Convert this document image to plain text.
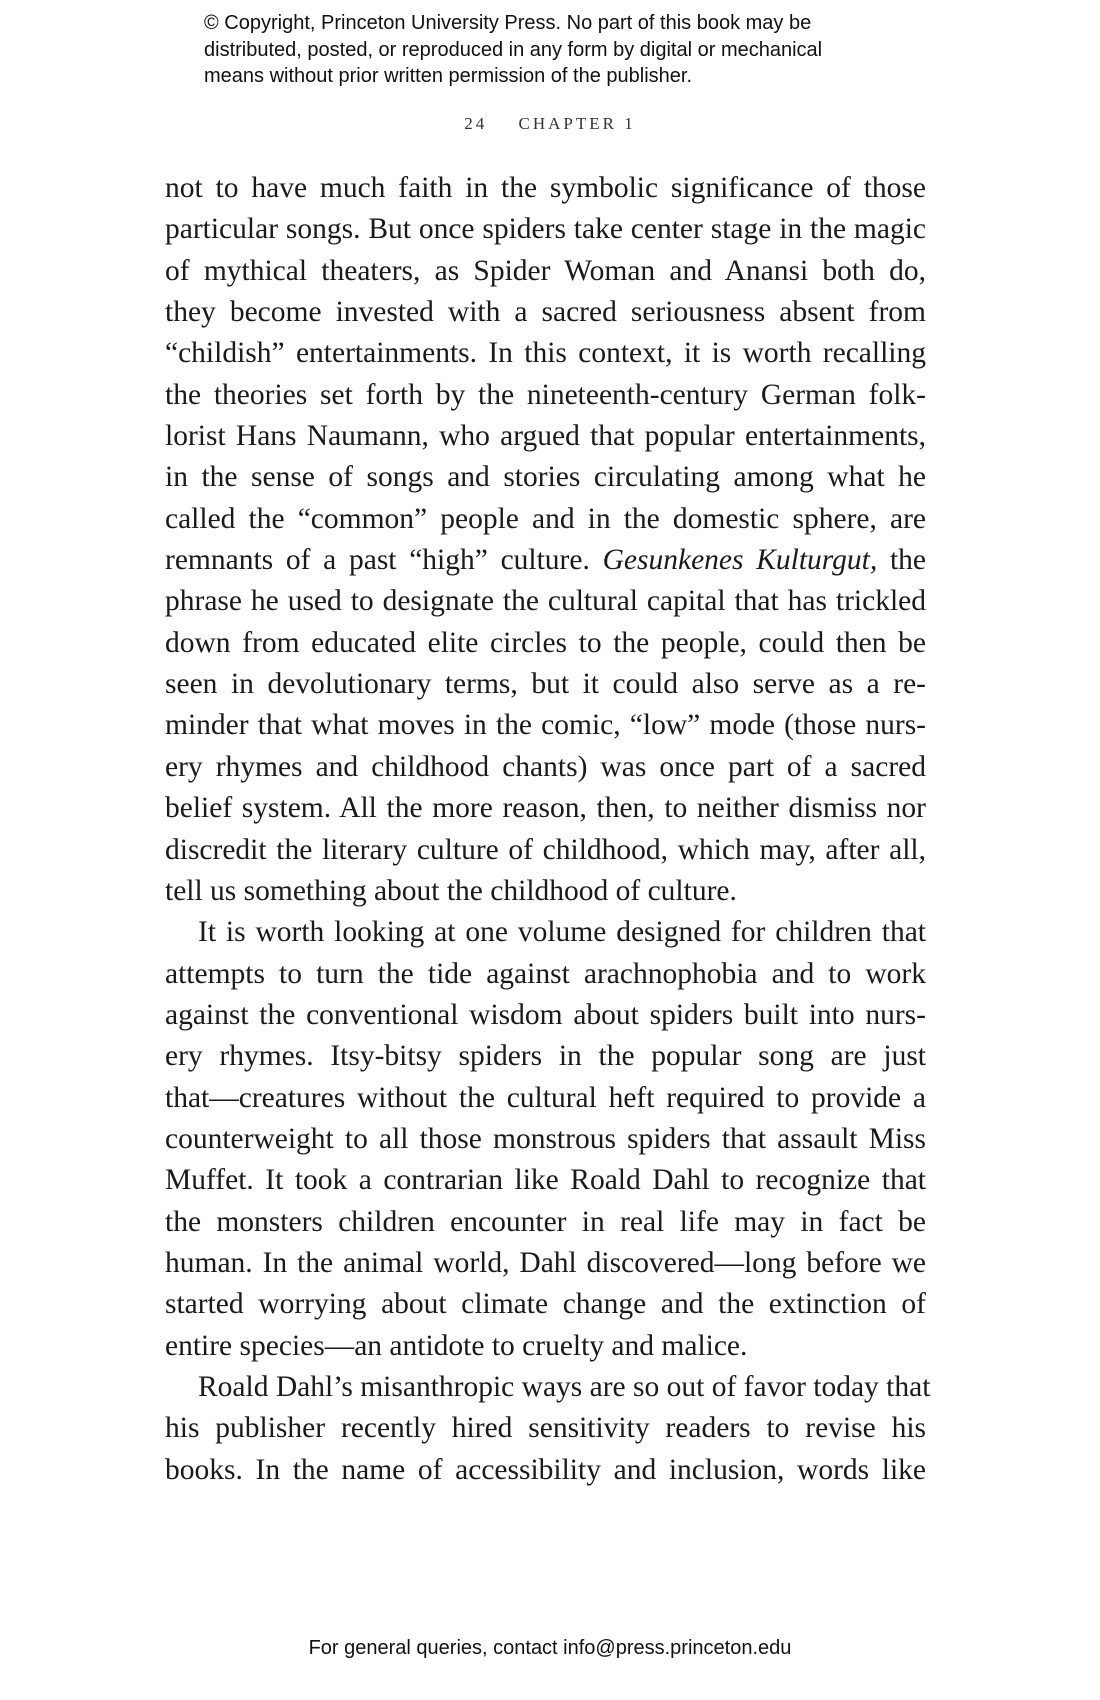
© Copyright, Princeton University Press. No part of this book may be
distributed, posted, or reproduced in any form by digital or mechanical
means without prior written permission of the publisher.
24 CHAPTER 1
not to have much faith in the symbolic significance of those
particular songs. But once spiders take center stage in the magic
of mythical theaters, as Spider Woman and Anansi both do,
they become invested with a sacred seriousness absent from
“childish” entertainments. In this context, it is worth recalling
the theories set forth by the nineteenth-century German folk-
lorist Hans Naumann, who argued that popular entertainments,
in the sense of songs and stories circulating among what he
called the “common” people and in the domestic sphere, are
remnants of a past “high” culture. Gesunkenes Kulturgut, the
phrase he used to designate the cultural capital that has trickled
down from educated elite circles to the people, could then be
seen in devolutionary terms, but it could also serve as a re-
minder that what moves in the comic, “low” mode (those nurs-
ery rhymes and childhood chants) was once part of a sacred
belief system. All the more reason, then, to neither dismiss nor
discredit the literary culture of childhood, which may, after all,
tell us something about the childhood of culture.
It is worth looking at one volume designed for children that
attempts to turn the tide against arachnophobia and to work
against the conventional wisdom about spiders built into nurs-
ery rhymes. Itsy-bitsy spiders in the popular song are just
that—creatures without the cultural heft required to provide a
counterweight to all those monstrous spiders that assault Miss
Muffet. It took a contrarian like Roald Dahl to recognize that
the monsters children encounter in real life may in fact be
human. In the animal world, Dahl discovered—long before we
started worrying about climate change and the extinction of
entire species—an antidote to cruelty and malice.
Roald Dahl’s misanthropic ways are so out of favor today that
his publisher recently hired sensitivity readers to revise his
books. In the name of accessibility and inclusion, words like
For general queries, contact info@press.princeton.edu
